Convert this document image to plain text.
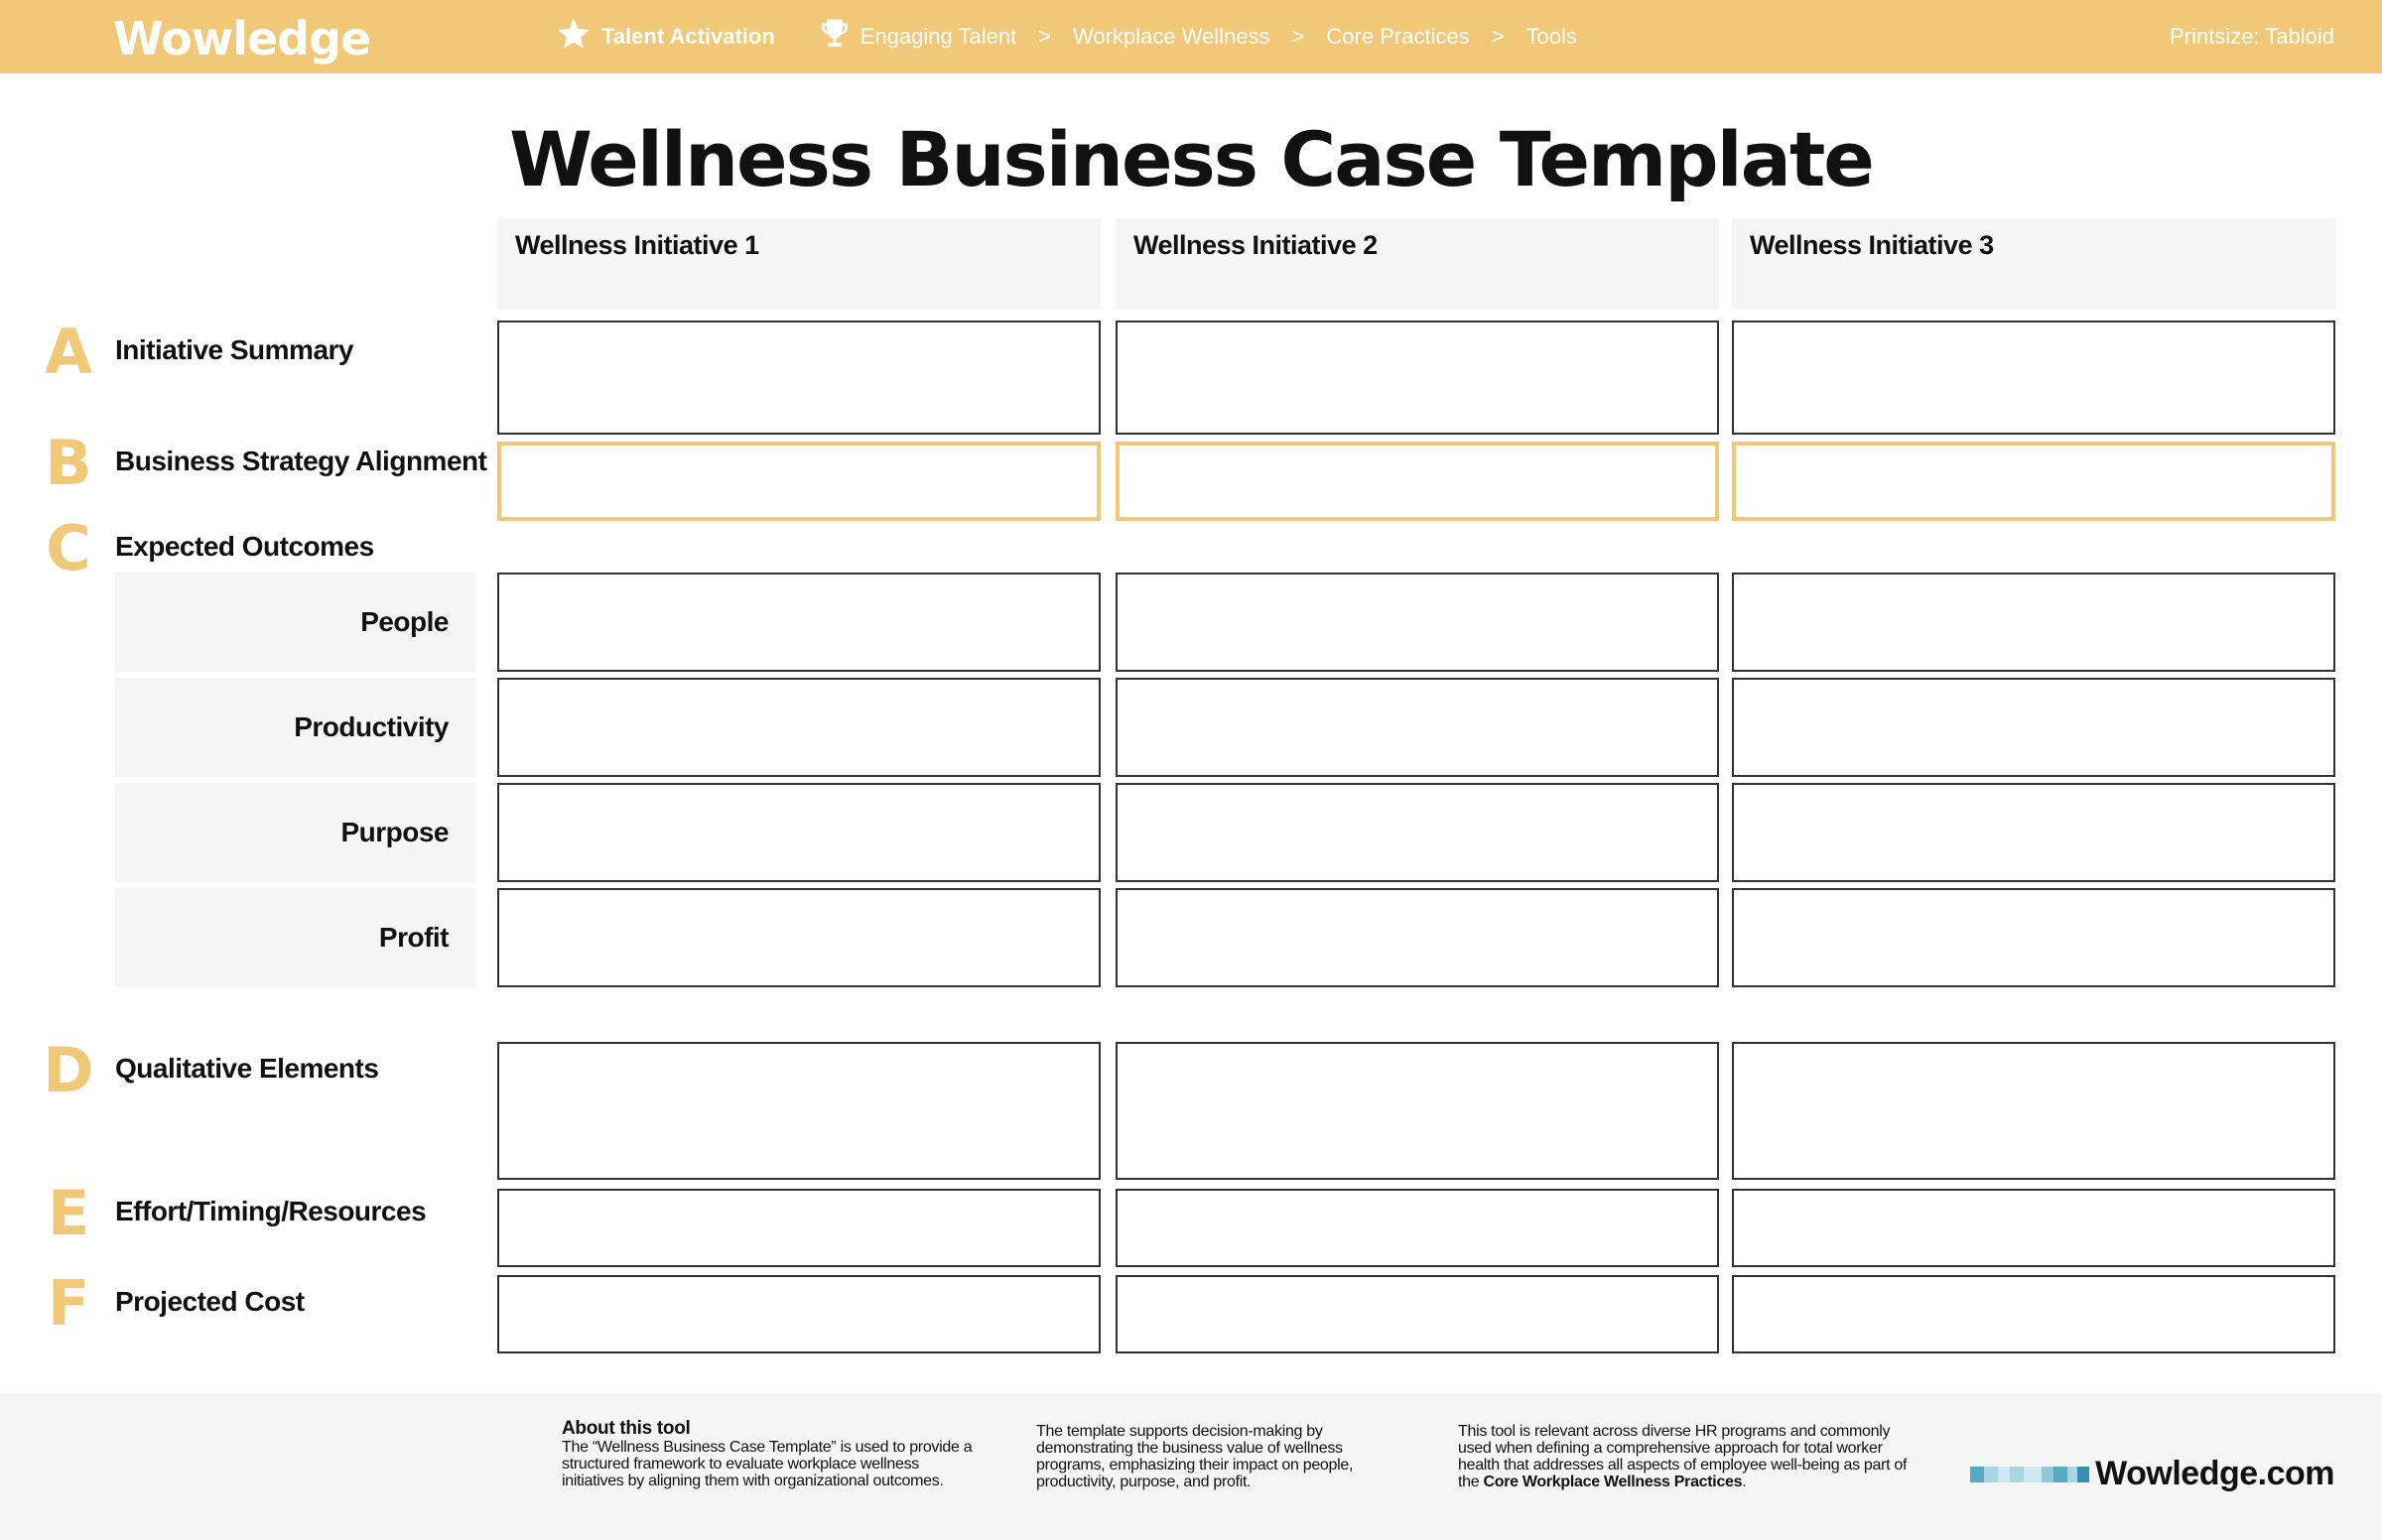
Wowledge	Talent Activation	Engaging Talent > Workplace Wellness > Core Practices > Tools	Printsize: Tabloid
Wellness Business Case Template
Wellness Initiative 1	Wellness Initiative 2	Wellness Initiative 3
A Initiative Summary
B Business Strategy Alignment
C Expected Outcomes
People
Productivity
Purpose
Profit
D Qualitative Elements
E Effort/Timing/Resources
F Projected Cost
About this tool
The “Wellness Business Case Template” is used to provide a structured framework to evaluate workplace wellness initiatives by aligning them with organizational outcomes.
The template supports decision-making by demonstrating the business value of wellness programs, emphasizing their impact on people, productivity, purpose, and profit.
This tool is relevant across diverse HR programs and commonly used when defining a comprehensive approach for total worker health that addresses all aspects of employee well-being as part of the Core Workplace Wellness Practices.	Wowledge.com
